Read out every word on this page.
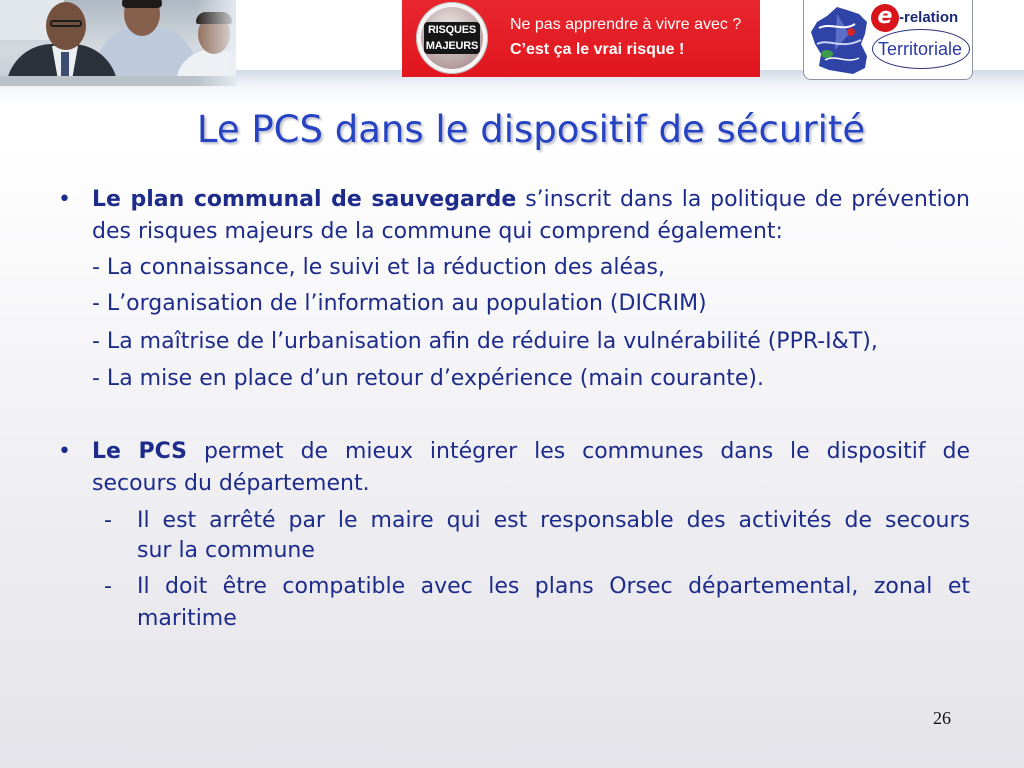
RISQUES
MAJEURS
Ne pas apprendre à vivre avec ?
C’est ça le vrai risque !
e -relation
Territoriale
Le PCS dans le dispositif de sécurité
• Le plan communal de sauvegarde s’inscrit dans la politique de prévention
des risques majeurs de la commune qui comprend également:
- La connaissance, le suivi et la réduction des aléas,
- L’organisation de l’information au population (DICRIM)
- La maîtrise de l’urbanisation afin de réduire la vulnérabilité (PPR-I&T),
- La mise en place d’un retour d’expérience (main courante).
• Le PCS permet de mieux intégrer les communes dans le dispositif de
secours du département.
- Il est arrêté par le maire qui est responsable des activités de secours
sur la commune
- Il doit être compatible avec les plans Orsec départemental, zonal et
maritime
26
